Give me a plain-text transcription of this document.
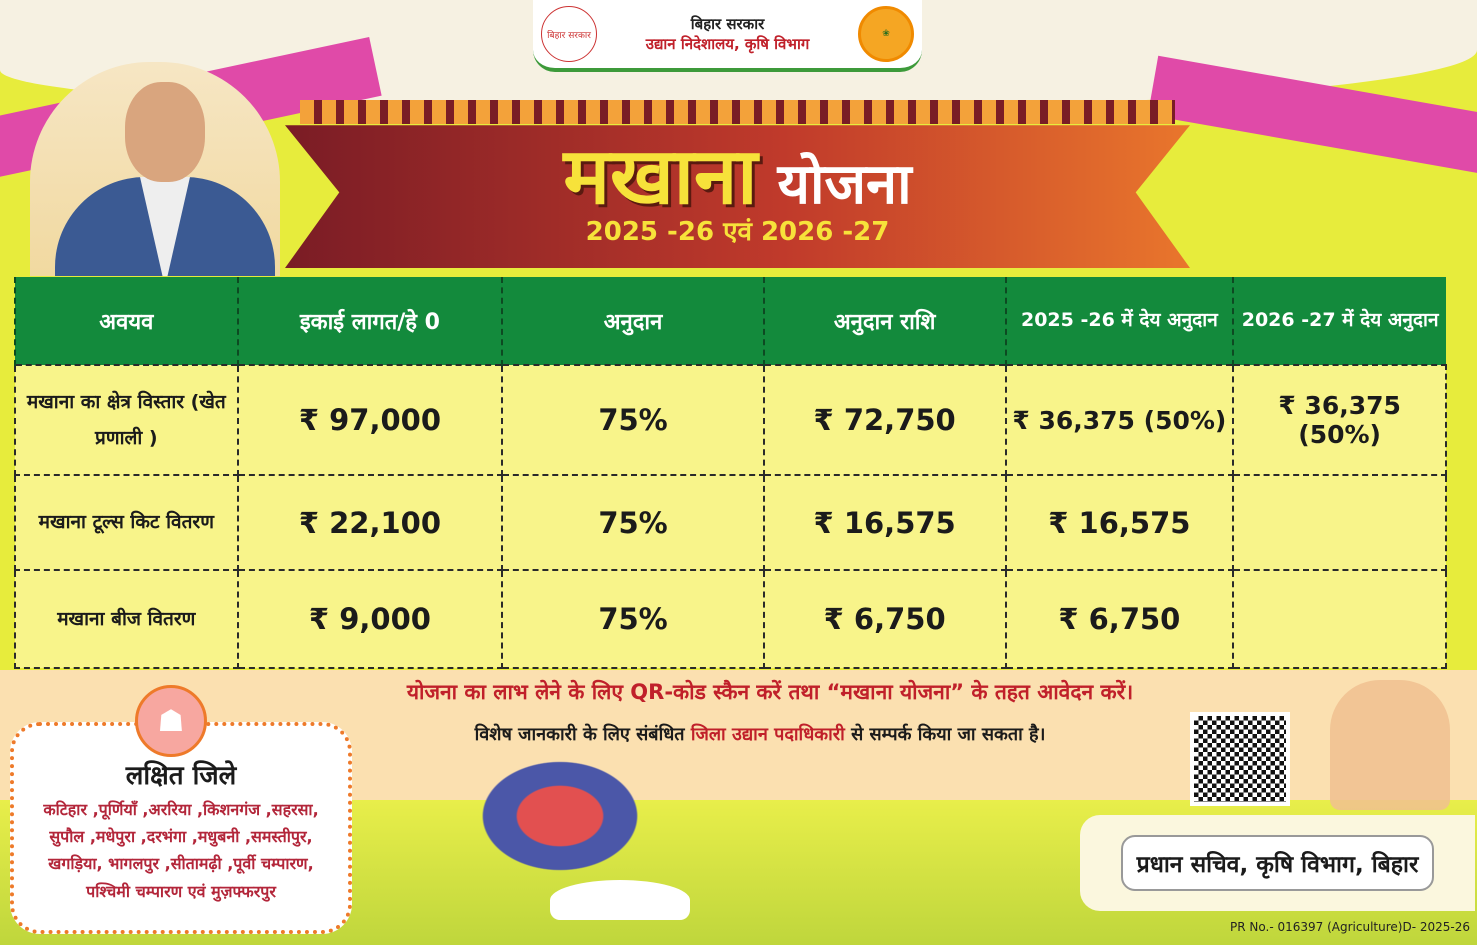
बिहार सरकार
बिहार सरकार
उद्यान निदेशालय, कृषि विभाग
❀
मखाना योजना
2025 -26 एवं 2026 -27
अवयव	इकाई लागत/हे 0	अनुदान	अनुदान राशि	2025 -26 में देय अनुदान	2026 -27 में देय अनुदान
मखाना का क्षेत्र विस्तार (खेत प्रणाली )	₹ 97,000	75%	₹ 72,750	₹ 36,375 (50%)	₹ 36,375 (50%)
मखाना टूल्स किट वितरण	₹ 22,100	75%	₹ 16,575	₹ 16,575	
मखाना बीज वितरण	₹ 9,000	75%	₹ 6,750	₹ 6,750	
योजना का लाभ लेने के लिए QR-कोड स्कैन करें तथा “मखाना योजना” के तहत आवेदन करें।
विशेष जानकारी के लिए संबंधित जिला उद्यान पदाधिकारी से सम्पर्क किया जा सकता है।
लक्षित जिले
कटिहार ,पूर्णियाँ ,अररिया ,किशनगंज ,सहरसा,
सुपौल ,मधेपुरा ,दरभंगा ,मधुबनी ,समस्तीपुर,
खगड़िया, भागलपुर ,सीतामढ़ी ,पूर्वी चम्पारण,
पश्चिमी चम्पारण एवं मुज़फ्फरपुर
☗
प्रधान सचिव, कृषि विभाग, बिहार
PR No.- 016397 (Agriculture)D- 2025-26
